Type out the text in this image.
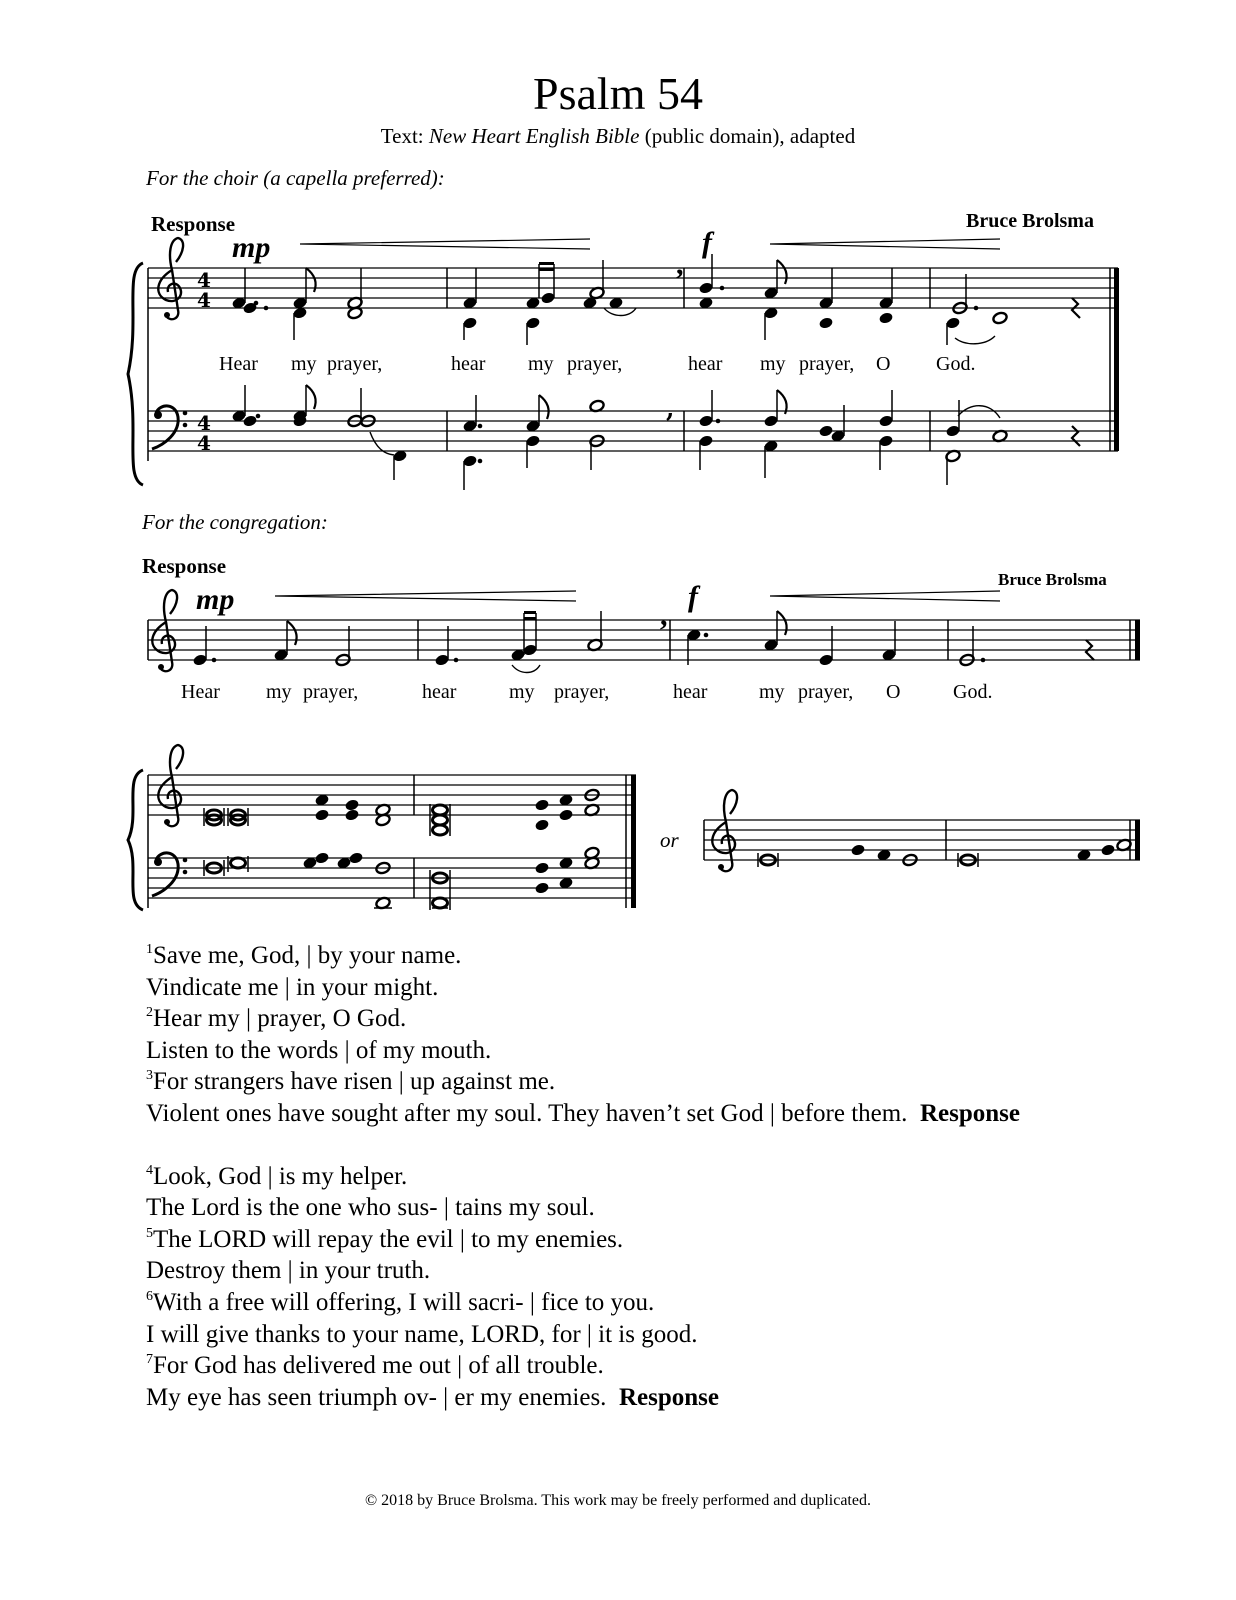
Psalm 54
Text: New Heart English Bible (public domain), adapted
For the choir (a capella preferred):
Response	Bruce Brolsma
mp
,
f
Hear my prayer,	hear my prayer,	hear my prayer, O God.
For the congregation:
Response
Bruce Brolsma
mp	,
f
Hear my prayer,	hear	my prayer,	hear	my prayer, O	God.
or
4
4
4
4
,
$^1$Save me, God, | by your name.
Vindicate me | in your might.
$^2$Hear my | prayer, O God.
Listen to the words | of my mouth.
$^3$For strangers have risen | up against me.
Violent ones have sought after my soul. They haven’t set God | before them. Response
$^4$Look, God | is my helper.
The Lord is the one who sus- | tains my soul.
$^5$The LORD will repay the evil | to my enemies.
Destroy them | in your truth.
$^6$With a free will offering, I will sacri- | fice to you.
I will give thanks to your name, LORD, for | it is good.
$^7$For God has delivered me out | of all trouble.
My eye has seen triumph ov- | er my enemies. Response
© 2018 by Bruce Brolsma. This work may be freely performed and duplicated.
